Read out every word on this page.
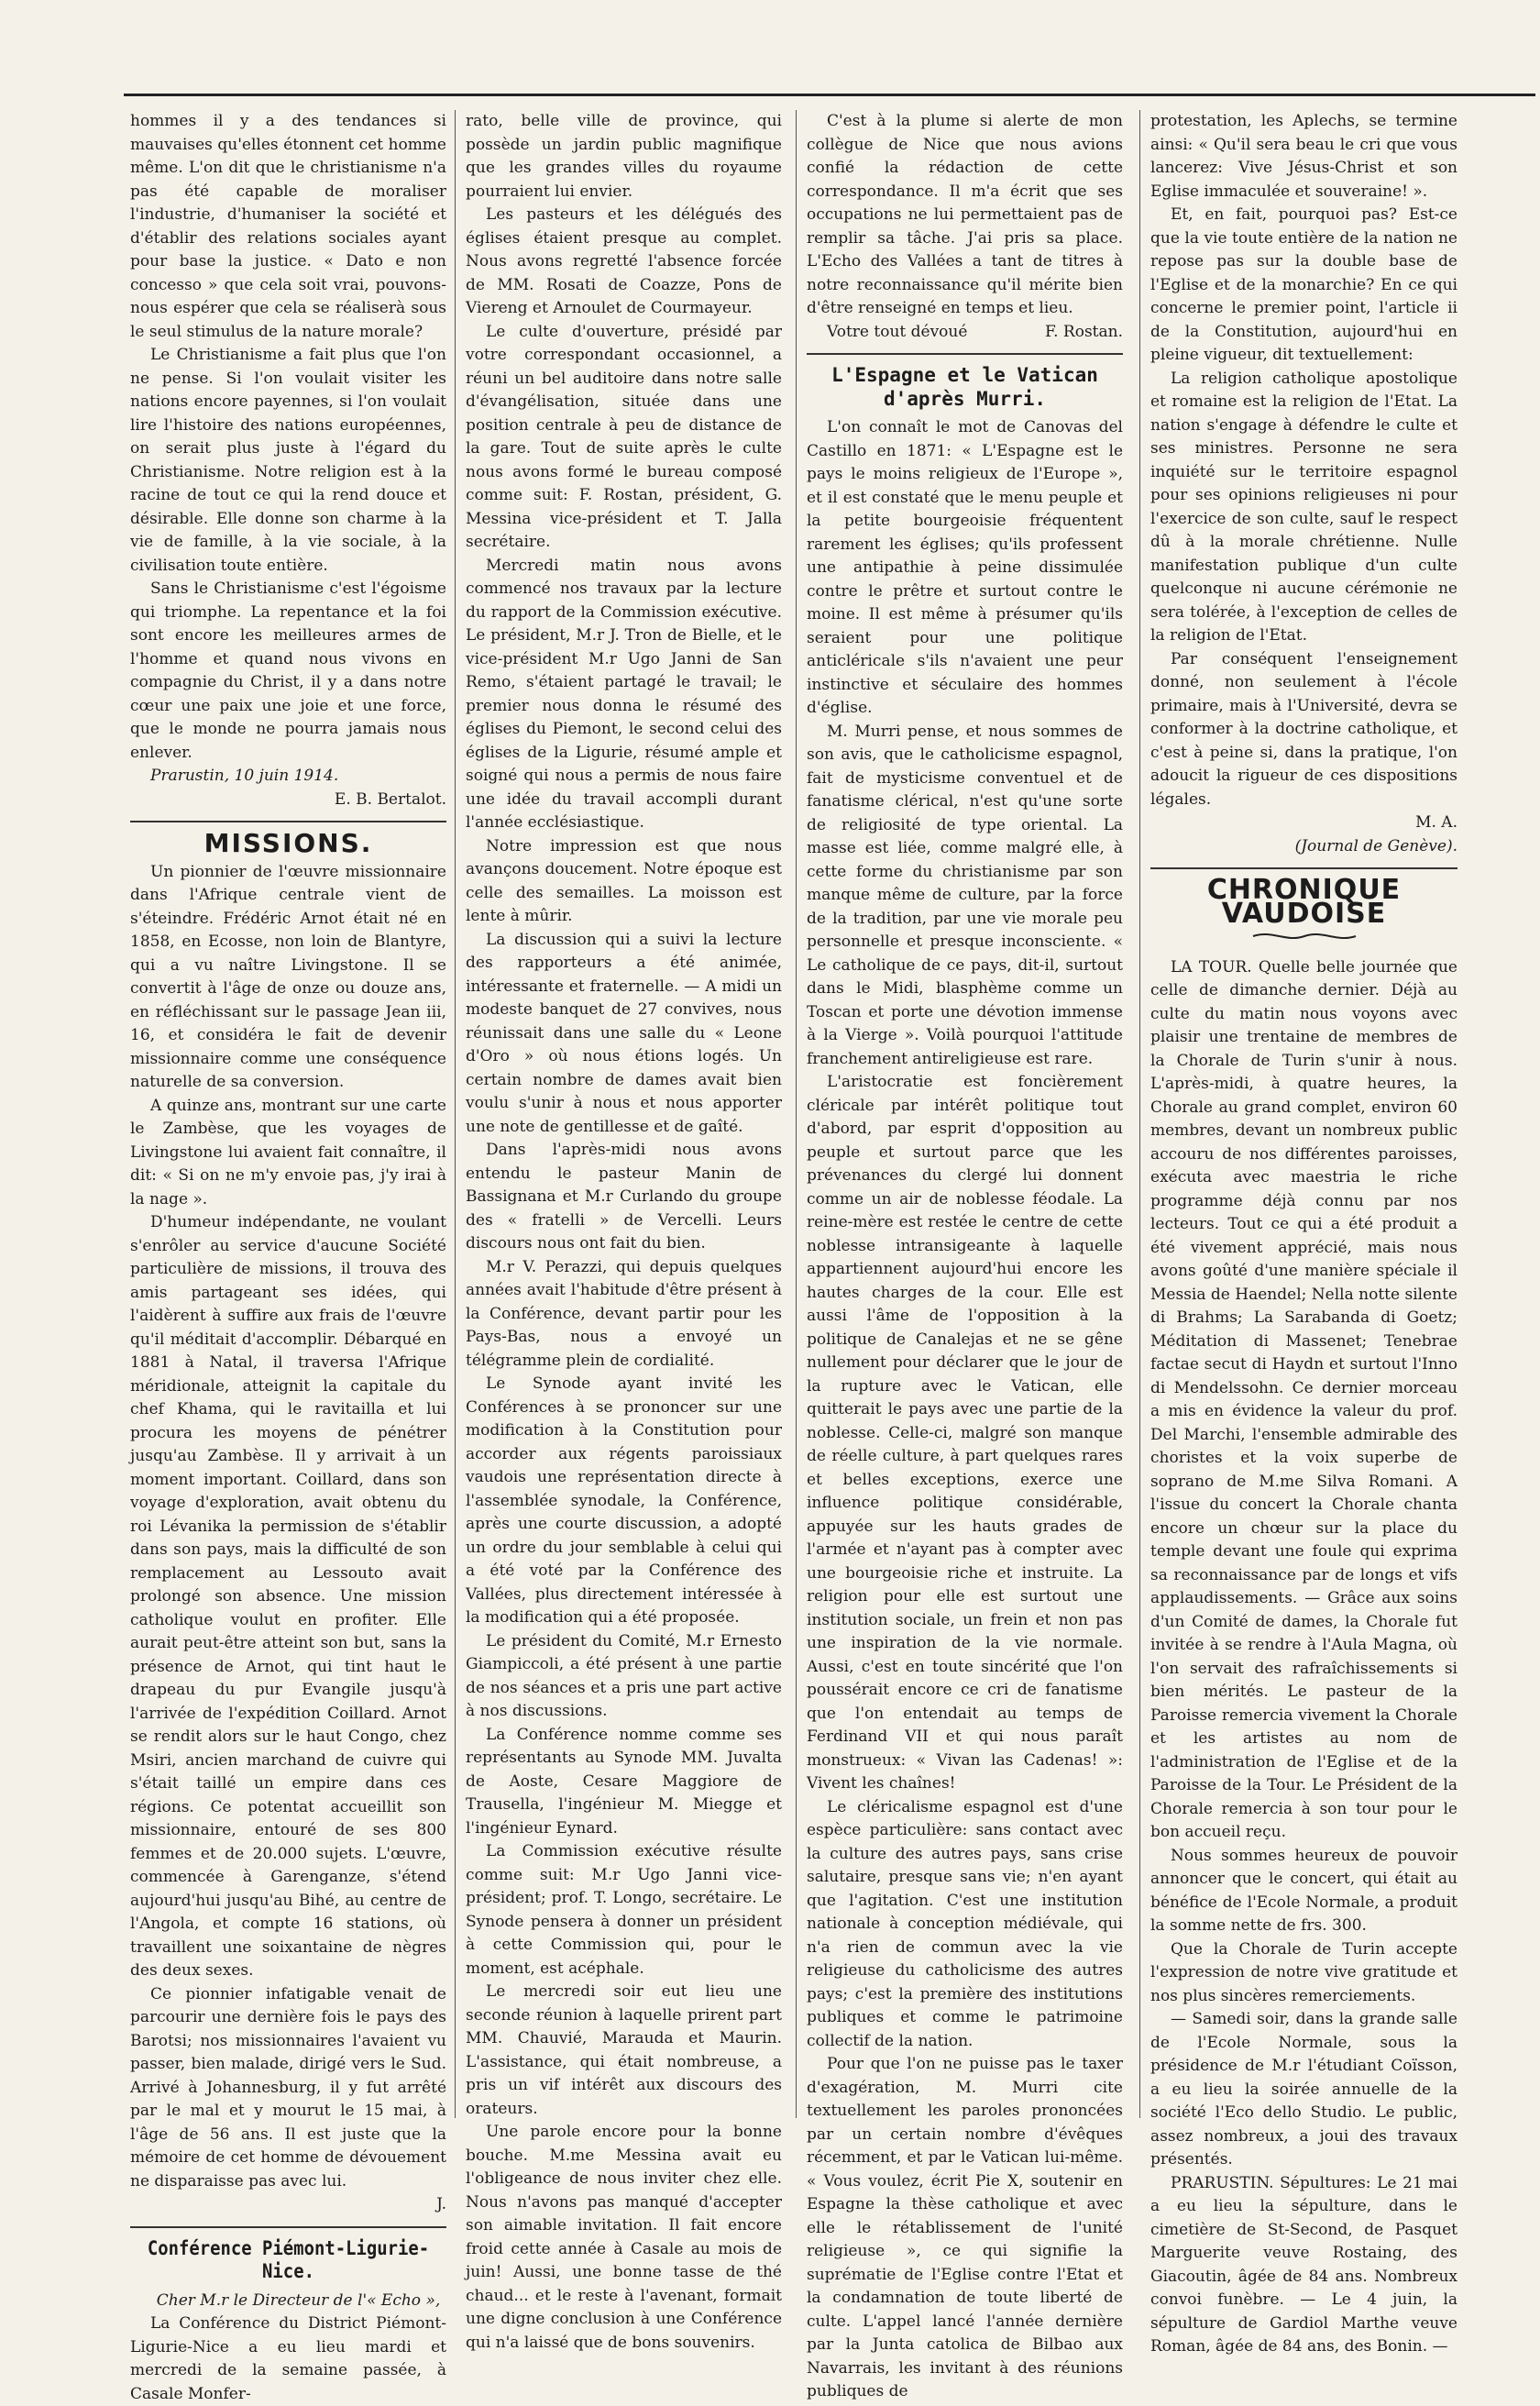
hommes il y a des tendances si mauvaises qu'elles étonnent cet homme même. L'on dit que le christianisme n'a pas été capable de moraliser l'industrie, d'humaniser la société et d'établir des relations sociales ayant pour base la justice. « Dato e non concesso » que cela soit vrai, pouvons-nous espérer que cela se réaliserà sous le seul stimulus de la nature morale?

Le Christianisme a fait plus que l'on ne pense. Si l'on voulait visiter les nations encore payennes, si l'on voulait lire l'histoire des nations européennes, on serait plus juste à l'égard du Christianisme. Notre religion est à la racine de tout ce qui la rend douce et désirable. Elle donne son charme à la vie de famille, à la vie sociale, à la civilisation toute entière.

Sans le Christianisme c'est l'égoisme qui triomphe. La repentance et la foi sont encore les meilleures armes de l'homme et quand nous vivons en compagnie du Christ, il y a dans notre cœur une paix une joie et une force, que le monde ne pourra jamais nous enlever.

Prarustin, 10 juin 1914.

E. B. Bertalot.

MISSIONS.

Un pionnier de l'œuvre missionnaire dans l'Afrique centrale vient de s'éteindre. Frédéric Arnot était né en 1858, en Ecosse, non loin de Blantyre, qui a vu naître Livingstone. Il se convertit à l'âge de onze ou douze ans, en réfléchissant sur le passage Jean iii, 16, et considéra le fait de devenir missionnaire comme une conséquence naturelle de sa conversion.

A quinze ans, montrant sur une carte le Zambèse, que les voyages de Livingstone lui avaient fait connaître, il dit: « Si on ne m'y envoie pas, j'y irai à la nage ».

D'humeur indépendante, ne voulant s'enrôler au service d'aucune Société particulière de missions, il trouva des amis partageant ses idées, qui l'aidèrent à suffire aux frais de l'œuvre qu'il méditait d'accomplir. Débarqué en 1881 à Natal, il traversa l'Afrique méridionale, atteignit la capitale du chef Khama, qui le ravitailla et lui procura les moyens de pénétrer jusqu'au Zambèse. Il y arrivait à un moment important. Coillard, dans son voyage d'exploration, avait obtenu du roi Lévanika la permission de s'établir dans son pays, mais la difficulté de son remplacement au Lessouto avait prolongé son absence. Une mission catholique voulut en profiter. Elle aurait peut-être atteint son but, sans la présence de Arnot, qui tint haut le drapeau du pur Evangile jusqu'à l'arrivée de l'expédition Coillard. Arnot se rendit alors sur le haut Congo, chez Msiri, ancien marchand de cuivre qui s'était taillé un empire dans ces régions. Ce potentat accueillit son missionnaire, entouré de ses 800 femmes et de 20.000 sujets. L'œuvre, commencée à Garenganze, s'étend aujourd'hui jusqu'au Bihé, au centre de l'Angola, et compte 16 stations, où travaillent une soixantaine de nègres des deux sexes.

Ce pionnier infatigable venait de parcourir une dernière fois le pays des Barotsi; nos missionnaires l'avaient vu passer, bien malade, dirigé vers le Sud. Arrivé à Johannesburg, il y fut arrêté par le mal et y mourut le 15 mai, à l'âge de 56 ans. Il est juste que la mémoire de cet homme de dévouement ne disparaisse pas avec lui.

J.

Conférence Piémont-Ligurie-Nice.

Cher M.r le Directeur de l'« Echo »,

La Conférence du District Piémont-Ligurie-Nice a eu lieu mardi et mercredi de la semaine passée, à Casale Monfer-

rato, belle ville de province, qui possède un jardin public magnifique que les grandes villes du royaume pourraient lui envier.

Les pasteurs et les délégués des églises étaient presque au complet. Nous avons regretté l'absence forcée de MM. Rosati de Coazze, Pons de Viereng et Arnoulet de Courmayeur.

Le culte d'ouverture, présidé par votre correspondant occasionnel, a réuni un bel auditoire dans notre salle d'évangélisation, située dans une position centrale à peu de distance de la gare. Tout de suite après le culte nous avons formé le bureau composé comme suit: F. Rostan, président, G. Messina vice-président et T. Jalla secrétaire.

Mercredi matin nous avons commencé nos travaux par la lecture du rapport de la Commission exécutive. Le président, M.r J. Tron de Bielle, et le vice-président M.r Ugo Janni de San Remo, s'étaient partagé le travail; le premier nous donna le résumé des églises du Piemont, le second celui des églises de la Ligurie, résumé ample et soigné qui nous a permis de nous faire une idée du travail accompli durant l'année ecclésiastique.

Notre impression est que nous avançons doucement. Notre époque est celle des semailles. La moisson est lente à mûrir.

La discussion qui a suivi la lecture des rapporteurs a été animée, intéressante et fraternelle. — A midi un modeste banquet de 27 convives, nous réunissait dans une salle du « Leone d'Oro » où nous étions logés. Un certain nombre de dames avait bien voulu s'unir à nous et nous apporter une note de gentillesse et de gaîté.

Dans l'après-midi nous avons entendu le pasteur Manin de Bassignana et M.r Curlando du groupe des « fratelli » de Vercelli. Leurs discours nous ont fait du bien.

M.r V. Perazzi, qui depuis quelques années avait l'habitude d'être présent à la Conférence, devant partir pour les Pays-Bas, nous a envoyé un télégramme plein de cordialité.

Le Synode ayant invité les Conférences à se prononcer sur une modification à la Constitution pour accorder aux régents paroissiaux vaudois une représentation directe à l'assemblée synodale, la Conférence, après une courte discussion, a adopté un ordre du jour semblable à celui qui a été voté par la Conférence des Vallées, plus directement intéressée à la modification qui a été proposée.

Le président du Comité, M.r Ernesto Giampiccoli, a été présent à une partie de nos séances et a pris une part active à nos discussions.

La Conférence nomme comme ses représentants au Synode MM. Juvalta de Aoste, Cesare Maggiore de Trausella, l'ingénieur M. Miegge et l'ingénieur Eynard.

La Commission exécutive résulte comme suit: M.r Ugo Janni vice-président; prof. T. Longo, secrétaire. Le Synode pensera à donner un président à cette Commission qui, pour le moment, est acéphale.

Le mercredi soir eut lieu une seconde réunion à laquelle prirent part MM. Chauvié, Marauda et Maurin. L'assistance, qui était nombreuse, a pris un vif intérêt aux discours des orateurs.

Une parole encore pour la bonne bouche. M.me Messina avait eu l'obligeance de nous inviter chez elle. Nous n'avons pas manqué d'accepter son aimable invitation. Il fait encore froid cette année à Casale au mois de juin! Aussi, une bonne tasse de thé chaud... et le reste à l'avenant, formait une digne conclusion à une Conférence qui n'a laissé que de bons souvenirs.

C'est à la plume si alerte de mon collègue de Nice que nous avions confié la rédaction de cette correspondance. Il m'a écrit que ses occupations ne lui permettaient pas de remplir sa tâche. J'ai pris sa place. L'Echo des Vallées a tant de titres à notre reconnaissance qu'il mérite bien d'être renseigné en temps et lieu.

Votre tout dévoué	F. Rostan.

L'Espagne et le Vatican d'après Murri.

L'on connaît le mot de Canovas del Castillo en 1871: « L'Espagne est le pays le moins religieux de l'Europe », et il est constaté que le menu peuple et la petite bourgeoisie fréquentent rarement les églises; qu'ils professent une antipathie à peine dissimulée contre le prêtre et surtout contre le moine. Il est même à présumer qu'ils seraient pour une politique anticléricale s'ils n'avaient une peur instinctive et séculaire des hommes d'église.

M. Murri pense, et nous sommes de son avis, que le catholicisme espagnol, fait de mysticisme conventuel et de fanatisme clérical, n'est qu'une sorte de religiosité de type oriental. La masse est liée, comme malgré elle, à cette forme du christianisme par son manque même de culture, par la force de la tradition, par une vie morale peu personnelle et presque inconsciente. « Le catholique de ce pays, dit-il, surtout dans le Midi, blasphème comme un Toscan et porte une dévotion immense à la Vierge ». Voilà pourquoi l'attitude franchement antireligieuse est rare.

L'aristocratie est foncièrement cléricale par intérêt politique tout d'abord, par esprit d'opposition au peuple et surtout parce que les prévenances du clergé lui donnent comme un air de noblesse féodale. La reine-mère est restée le centre de cette noblesse intransigeante à laquelle appartiennent aujourd'hui encore les hautes charges de la cour. Elle est aussi l'âme de l'opposition à la politique de Canalejas et ne se gêne nullement pour déclarer que le jour de la rupture avec le Vatican, elle quitterait le pays avec une partie de la noblesse. Celle-ci, malgré son manque de réelle culture, à part quelques rares et belles exceptions, exerce une influence politique considérable, appuyée sur les hauts grades de l'armée et n'ayant pas à compter avec une bourgeoisie riche et instruite. La religion pour elle est surtout une institution sociale, un frein et non pas une inspiration de la vie normale. Aussi, c'est en toute sincérité que l'on poussérait encore ce cri de fanatisme que l'on entendait au temps de Ferdinand VII et qui nous paraît monstrueux: « Vivan las Cadenas! »: Vivent les chaînes!

Le cléricalisme espagnol est d'une espèce particulière: sans contact avec la culture des autres pays, sans crise salutaire, presque sans vie; n'en ayant que l'agitation. C'est une institution nationale à conception médiévale, qui n'a rien de commun avec la vie religieuse du catholicisme des autres pays; c'est la première des institutions publiques et comme le patrimoine collectif de la nation.

Pour que l'on ne puisse pas le taxer d'exagération, M. Murri cite textuellement les paroles prononcées par un certain nombre d'évêques récemment, et par le Vatican lui-même. « Vous voulez, écrit Pie X, soutenir en Espagne la thèse catholique et avec elle le rétablissement de l'unité religieuse », ce qui signifie la suprématie de l'Eglise contre l'Etat et la condamnation de toute liberté de culte. L'appel lancé l'année dernière par la Junta catolica de Bilbao aux Navarrais, les invitant à des réunions publiques de

protestation, les Aplechs, se termine ainsi: « Qu'il sera beau le cri que vous lancerez: Vive Jésus-Christ et son Eglise immaculée et souveraine! ».

Et, en fait, pourquoi pas? Est-ce que la vie toute entière de la nation ne repose pas sur la double base de l'Eglise et de la monarchie? En ce qui concerne le premier point, l'article ii de la Constitution, aujourd'hui en pleine vigueur, dit textuellement:

La religion catholique apostolique et romaine est la religion de l'Etat. La nation s'engage à défendre le culte et ses ministres. Personne ne sera inquiété sur le territoire espagnol pour ses opinions religieuses ni pour l'exercice de son culte, sauf le respect dû à la morale chrétienne. Nulle manifestation publique d'un culte quelconque ni aucune cérémonie ne sera tolérée, à l'exception de celles de la religion de l'Etat.

Par conséquent l'enseignement donné, non seulement à l'école primaire, mais à l'Université, devra se conformer à la doctrine catholique, et c'est à peine si, dans la pratique, l'on adoucit la rigueur de ces dispositions légales.

M. A.

(Journal de Genève).

CHRONIQUE VAUDOISE

LA TOUR. Quelle belle journée que celle de dimanche dernier. Déjà au culte du matin nous voyons avec plaisir une trentaine de membres de la Chorale de Turin s'unir à nous. L'après-midi, à quatre heures, la Chorale au grand complet, environ 60 membres, devant un nombreux public accouru de nos différentes paroisses, exécuta avec maestria le riche programme déjà connu par nos lecteurs. Tout ce qui a été produit a été vivement apprécié, mais nous avons goûté d'une manière spéciale il Messia de Haendel; Nella notte silente di Brahms; La Sarabanda di Goetz; Méditation di Massenet; Tenebrae factae secut di Haydn et surtout l'Inno di Mendelssohn. Ce dernier morceau a mis en évidence la valeur du prof. Del Marchi, l'ensemble admirable des choristes et la voix superbe de soprano de M.me Silva Romani. A l'issue du concert la Chorale chanta encore un chœur sur la place du temple devant une foule qui exprima sa reconnaissance par de longs et vifs applaudissements. — Grâce aux soins d'un Comité de dames, la Chorale fut invitée à se rendre à l'Aula Magna, où l'on servait des rafraîchissements si bien mérités. Le pasteur de la Paroisse remercia vivement la Chorale et les artistes au nom de l'administration de l'Eglise et de la Paroisse de la Tour. Le Président de la Chorale remercia à son tour pour le bon accueil reçu.

Nous sommes heureux de pouvoir annoncer que le concert, qui était au bénéfice de l'Ecole Normale, a produit la somme nette de frs. 300.

Que la Chorale de Turin accepte l'expression de notre vive gratitude et nos plus sincères remerciements.

— Samedi soir, dans la grande salle de l'Ecole Normale, sous la présidence de M.r l'étudiant Coïsson, a eu lieu la soirée annuelle de la société l'Eco dello Studio. Le public, assez nombreux, a joui des travaux présentés.

PRARUSTIN. Sépultures: Le 21 mai a eu lieu la sépulture, dans le cimetière de St-Second, de Pasquet Marguerite veuve Rostaing, des Giacoutin, âgée de 84 ans. Nombreux convoi funèbre. — Le 4 juin, la sépulture de Gardiol Marthe veuve Roman, âgée de 84 ans, des Bonin. —
